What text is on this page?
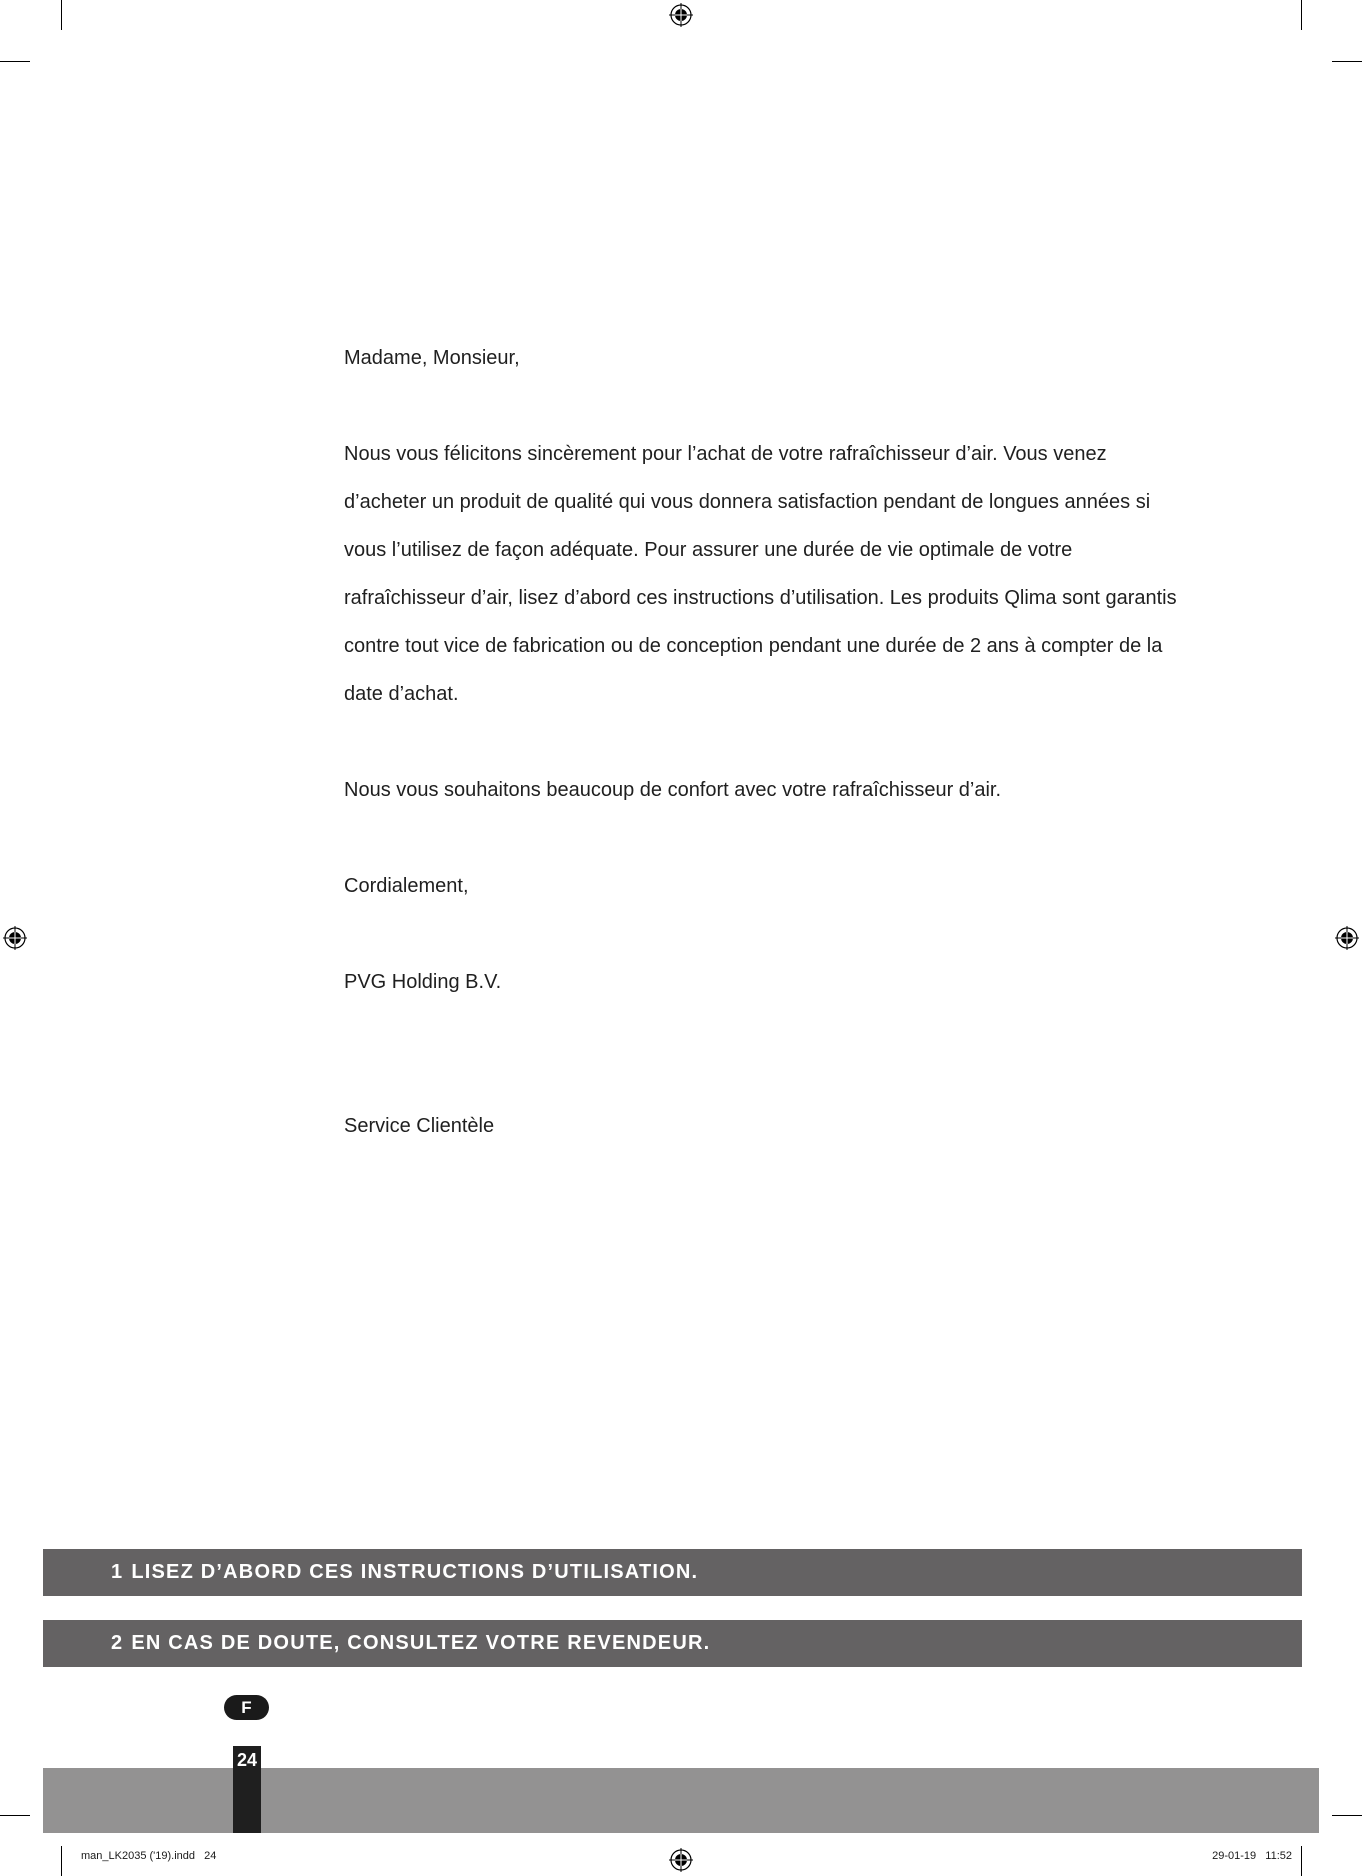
Madame, Monsieur,

Nous vous félicitons sincèrement pour l’achat de votre rafraîchisseur d’air. Vous venez d’acheter un produit de qualité qui vous donnera satisfaction pendant de longues années si vous l’utilisez de façon adéquate. Pour assurer une durée de vie optimale de votre rafraîchisseur d’air, lisez d’abord ces instructions d’utilisation. Les produits Qlima sont garantis contre tout vice de fabrication ou de conception pendant une durée de 2 ans à compter de la date d’achat.

Nous vous souhaitons beaucoup de confort avec votre rafraîchisseur d’air.

Cordialement,

PVG Holding B.V.

Service Clientèle

1 LISEZ D’ABORD CES INSTRUCTIONS D’UTILISATION.
2 EN CAS DE DOUTE, CONSULTEZ VOTRE REVENDEUR.
F
24
man_LK2035 ('19).indd   24	29-01-19   11:52
